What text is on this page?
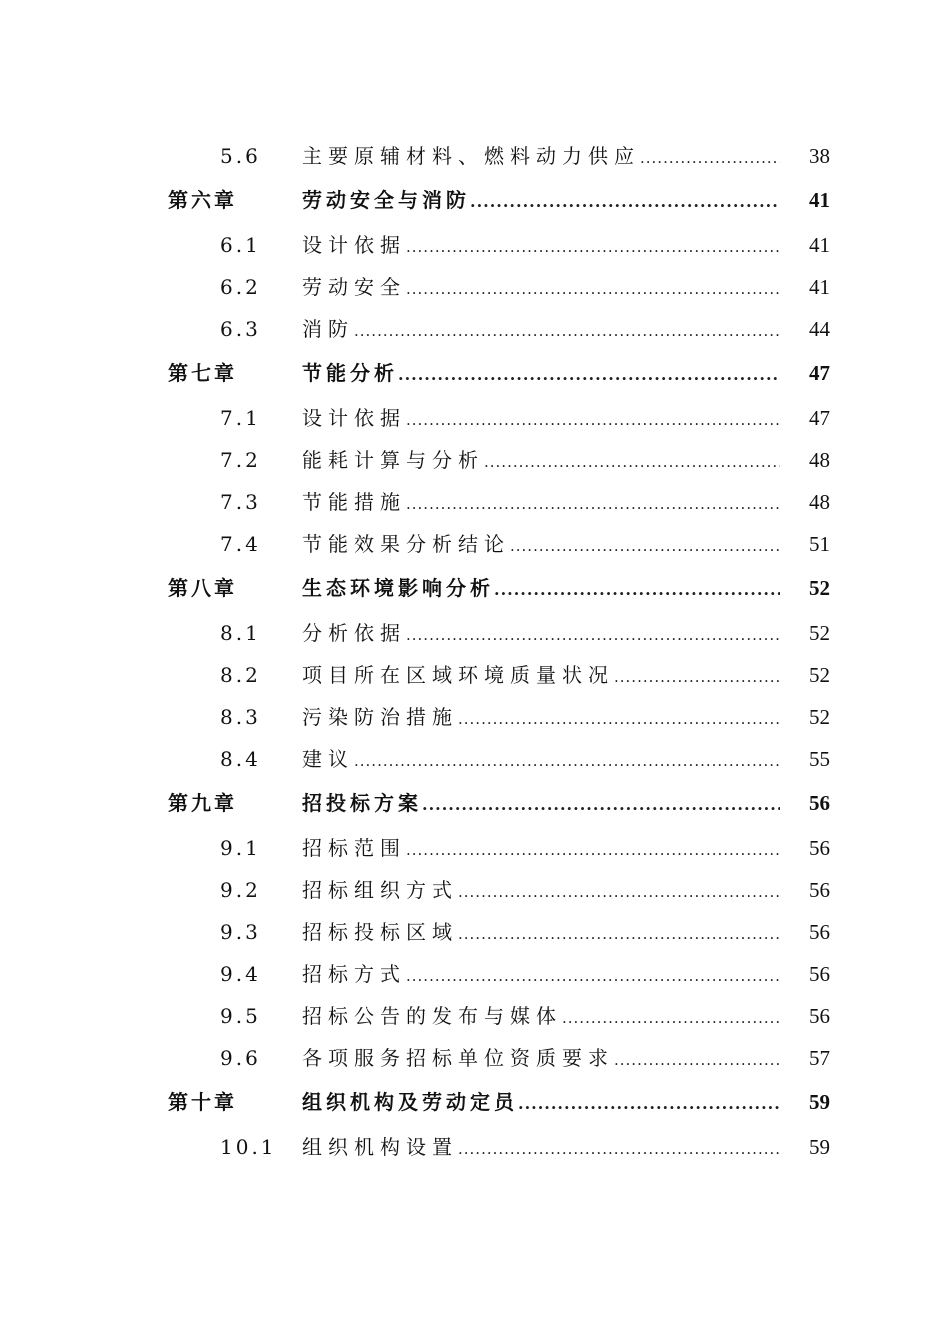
5.6 主要原辅材料、燃料动力供应 .....	38
第六章	劳动安全与消防 .....	41
6.1 设计依据 .....	41
6.2 劳动安全 .....	41
6.3 消防 .....	44
第七章	节能分析 .....	47
7.1 设计依据 .....	47
7.2 能耗计算与分析 .....	48
7.3 节能措施 .....	48
7.4 节能效果分析结论 .....	51
第八章	生态环境影响分析 .....	52
8.1 分析依据 .....	52
8.2 项目所在区域环境质量状况 .....	52
8.3 污染防治措施 .....	52
8.4 建议 .....	55
第九章	招投标方案 .....	56
9.1 招标范围 .....	56
9.2 招标组织方式 .....	56
9.3 招标投标区域 .....	56
9.4 招标方式 .....	56
9.5 招标公告的发布与媒体 .....	56
9.6 各项服务招标单位资质要求 .....	57
第十章	组织机构及劳动定员 .....	59
10.1 组织机构设置 .....	59
